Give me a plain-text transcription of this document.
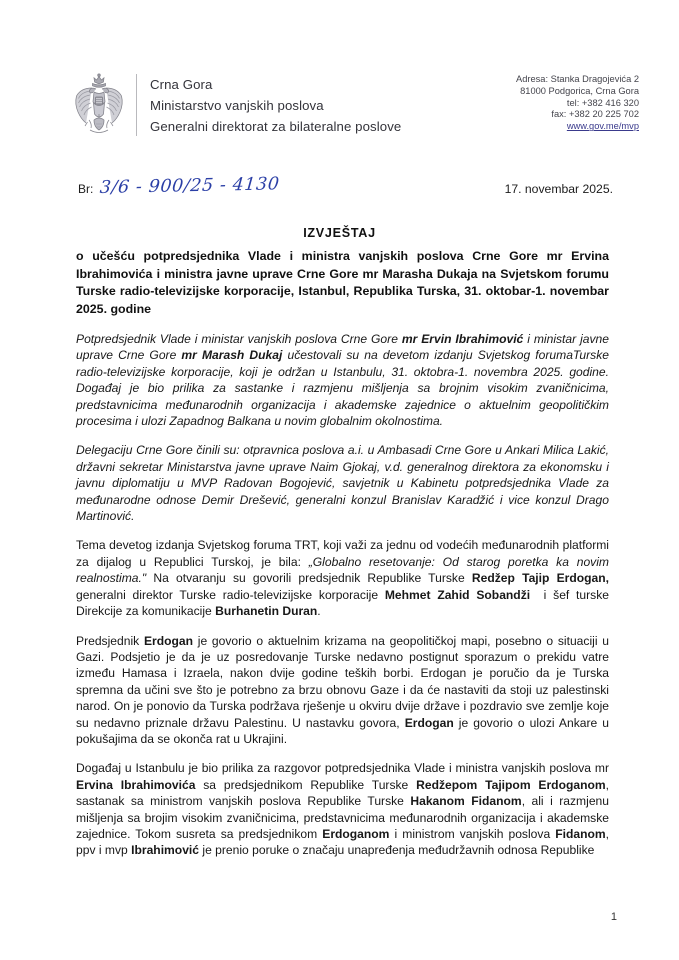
Crna Gora
Ministarstvo vanjskih poslova
Generalni direktorat za bilateralne poslove
Adresa: Stanka Dragojevića 2
81000 Podgorica, Crna Gora
tel: +382 416 320
fax: +382 20 225 702
www.gov.me/mvp
Br: 3/6 - 900/25 - 4130	17. novembar 2025.
IZVJEŠTAJ
o učešću potpredsjednika Vlade i ministra vanjskih poslova Crne Gore mr Ervina Ibrahimovića i ministra javne uprave Crne Gore mr Marasha Dukaja na Svjetskom forumu Turske radio-televizijske korporacije, Istanbul, Republika Turska, 31. oktobar-1. novembar 2025. godine

Potpredsjednik Vlade i ministar vanjskih poslova Crne Gore mr Ervin Ibrahimović i ministar javne uprave Crne Gore mr Marash Dukaj učestovali su na devetom izdanju Svjetskog forumaTurske radio-televizijske korporacije, koji je održan u Istanbulu, 31. oktobra-1. novembra 2025. godine. Događaj je bio prilika za sastanke i razmjenu mišljenja sa brojnim visokim zvaničnicima, predstavnicima međunarodnih organizacija i akademske zajednice o aktuelnim geopolitičkim procesima i ulozi Zapadnog Balkana u novim globalnim okolnostima.

Delegaciju Crne Gore činili su: otpravnica poslova a.i. u Ambasadi Crne Gore u Ankari Milica Lakić, državni sekretar Ministarstva javne uprave Naim Gjokaj, v.d. generalnog direktora za ekonomsku i javnu diplomatiju u MVP Radovan Bogojević, savjetnik u Kabinetu potpredsjednika Vlade za međunarodne odnose Demir Drešević, generalni konzul Branislav Karadžić i vice konzul Drago Martinović.

Tema devetog izdanja Svjetskog foruma TRT, koji važi za jednu od vodećih međunarodnih platformi za dijalog u Republici Turskoj, je bila: „Globalno resetovanje: Od starog poretka ka novim realnostima." Na otvaranju su govorili predsjednik Republike Turske Redžep Tajip Erdogan, generalni direktor Turske radio-televizijske korporacije Mehmet Zahid Sobandži  i šef turske Direkcije za komunikacije Burhanetin Duran.

Predsjednik Erdogan je govorio o aktuelnim krizama na geopolitičkoj mapi, posebno o situaciji u Gazi. Podsjetio je da je uz posredovanje Turske nedavno postignut sporazum o prekidu vatre između Hamasa i Izraela, nakon dvije godine teških borbi. Erdogan je poručio da je Turska spremna da učini sve što je potrebno za brzu obnovu Gaze i da će nastaviti da stoji uz palestinski narod. On je ponovio da Turska podržava rješenje u okviru dvije države i pozdravio sve zemlje koje su nedavno priznale državu Palestinu. U nastavku govora, Erdogan je govorio o ulozi Ankare u pokušajima da se okonča rat u Ukrajini.

Događaj u Istanbulu je bio prilika za razgovor potpredsjednika Vlade i ministra vanjskih poslova mr Ervina Ibrahimovića sa predsjednikom Republike Turske Redžepom Tajipom Erdoganom, sastanak sa ministrom vanjskih poslova Republike Turske Hakanom Fidanom, ali i razmjenu mišljenja sa brojim visokim zvaničnicima, predstavnicima međunarodnih organizacija i akademske zajednice. Tokom susreta sa predsjednikom Erdoganom i ministrom vanjskih poslova Fidanom, ppv i mvp Ibrahimović je prenio poruke o značaju unapređenja međudržavnih odnosa Republike

1
